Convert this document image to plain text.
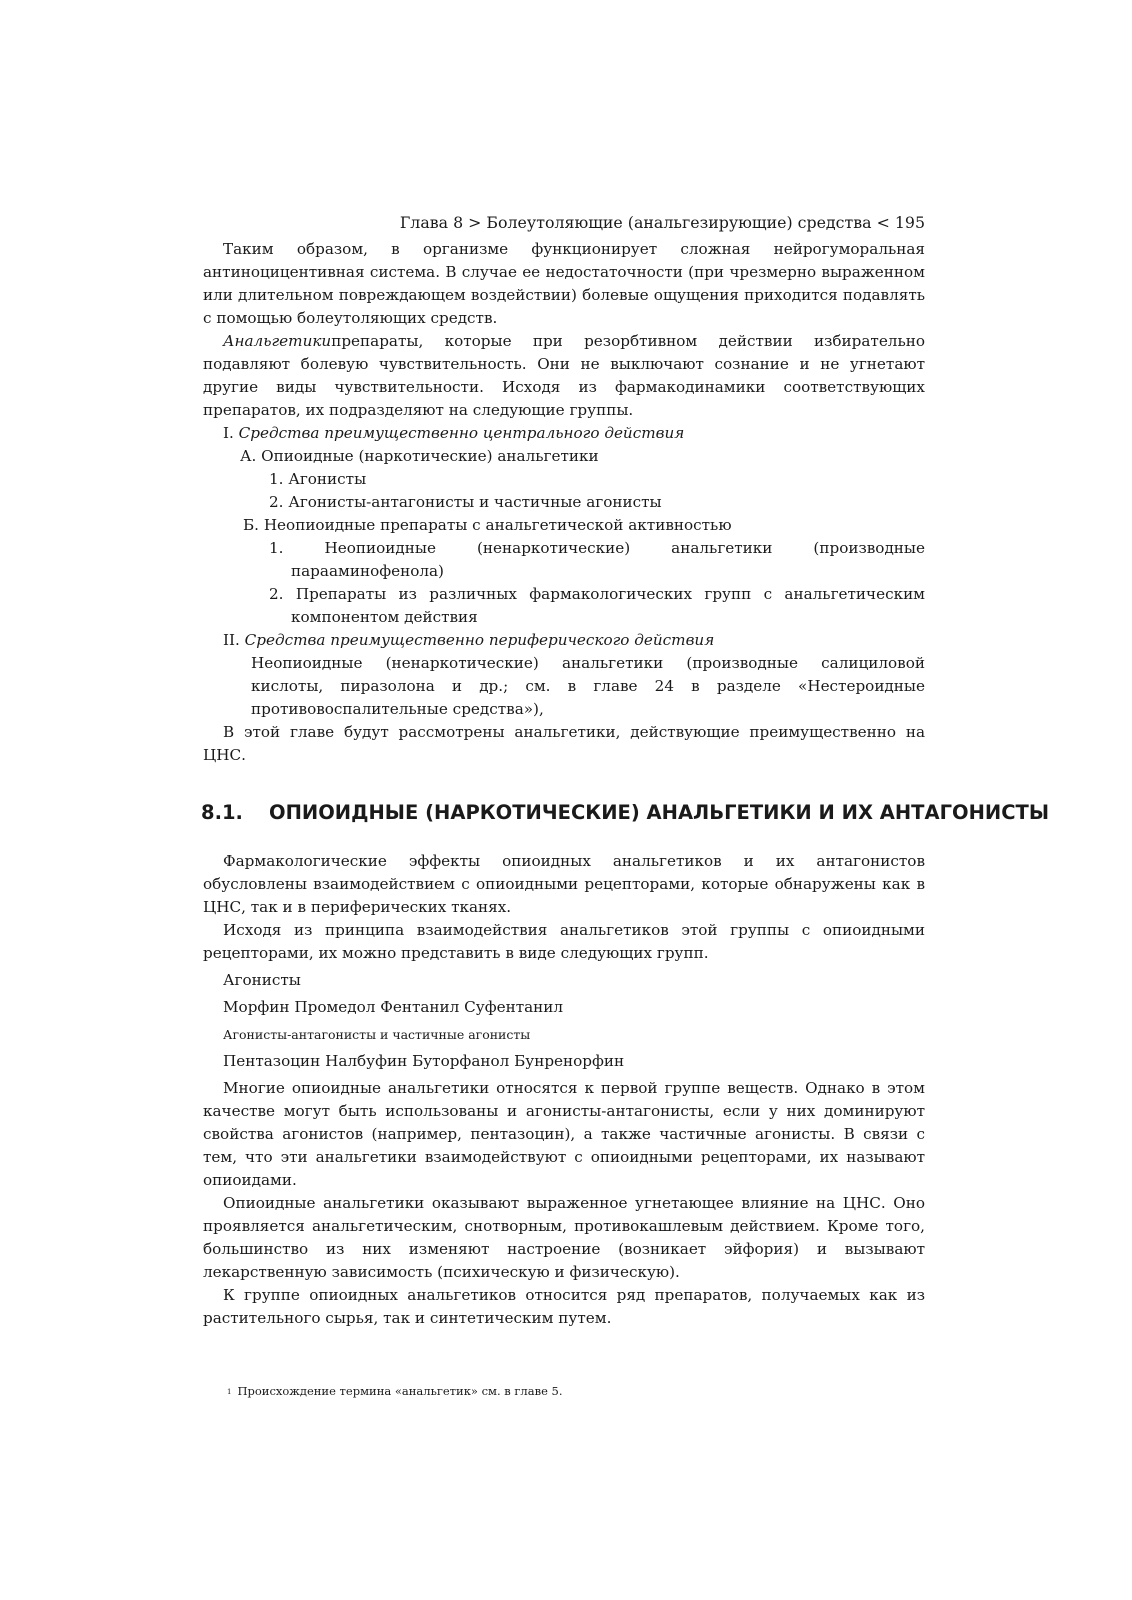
Глава 8 > Болеутоляющие (анальгезирующие) средства < 195

Таким образом, в организме функционирует сложная нейрогуморальная антиноцицентивная система. В случае ее недостаточности (при чрезмерно выраженном или длительном повреждающем воздействии) болевые ощущения приходится подавлять с помощью болеутоляющих средств.

Анальгетикипрепараты, которые при резорбтивном действии избирательно подавляют болевую чувствительность. Они не выключают сознание и не угнетают другие виды чувствительности. Исходя из фармакодинамики соответствующих препаратов, их подразделяют на следующие группы.

I. Средства преимущественно центрального действия
А. Опиоидные (наркотические) анальгетики
1. Агонисты
2. Агонисты-антагонисты и частичные агонисты
Б. Неопиоидные препараты с анальгетической активностью
1. Неопиоидные (ненаркотические) анальгетики (производные парааминофенола)
2. Препараты из различных фармакологических групп с анальгетическим компонентом действия
II. Средства преимущественно периферического действия
Неопиоидные (ненаркотические) анальгетики (производные салициловой кислоты, пиразолона и др.; см. в главе 24 в разделе «Нестероидные противовоспалительные средства»),

В этой главе будут рассмотрены анальгетики, действующие преимущественно на ЦНС.

8.1. ОПИОИДНЫЕ (НАРКОТИЧЕСКИЕ) АНАЛЬГЕТИКИ И ИХ АНТАГОНИСТЫ

Фармакологические эффекты опиоидных анальгетиков и их антагонистов обусловлены взаимодействием с опиоидными рецепторами, которые обнаружены как в ЦНС, так и в периферических тканях.

Исходя из принципа взаимодействия анальгетиков этой группы с опиоидными рецепторами, их можно представить в виде следующих групп.

Агонисты

Морфин Промедол Фентанил Суфентанил

Агонисты-антагонисты и частичные агонисты

Пентазоцин Налбуфин Буторфанол Бунренорфин

Многие опиоидные анальгетики относятся к первой группе веществ. Однако в этом качестве могут быть использованы и агонисты-антагонисты, если у них доминируют свойства агонистов (например, пентазоцин), а также частичные агонисты. В связи с тем, что эти анальгетики взаимодействуют с опиоидными рецепторами, их называют опиоидами.

Опиоидные анальгетики оказывают выраженное угнетающее влияние на ЦНС. Оно проявляется анальгетическим, снотворным, противокашлевым действием. Кроме того, большинство из них изменяют настроение (возникает эйфория) и вызывают лекарственную зависимость (психическую и физическую).

К группе опиоидных анальгетиков относится ряд препаратов, получаемых как из растительного сырья, так и синтетическим путем.

1 Происхождение термина «анальгетик» см. в главе 5.
